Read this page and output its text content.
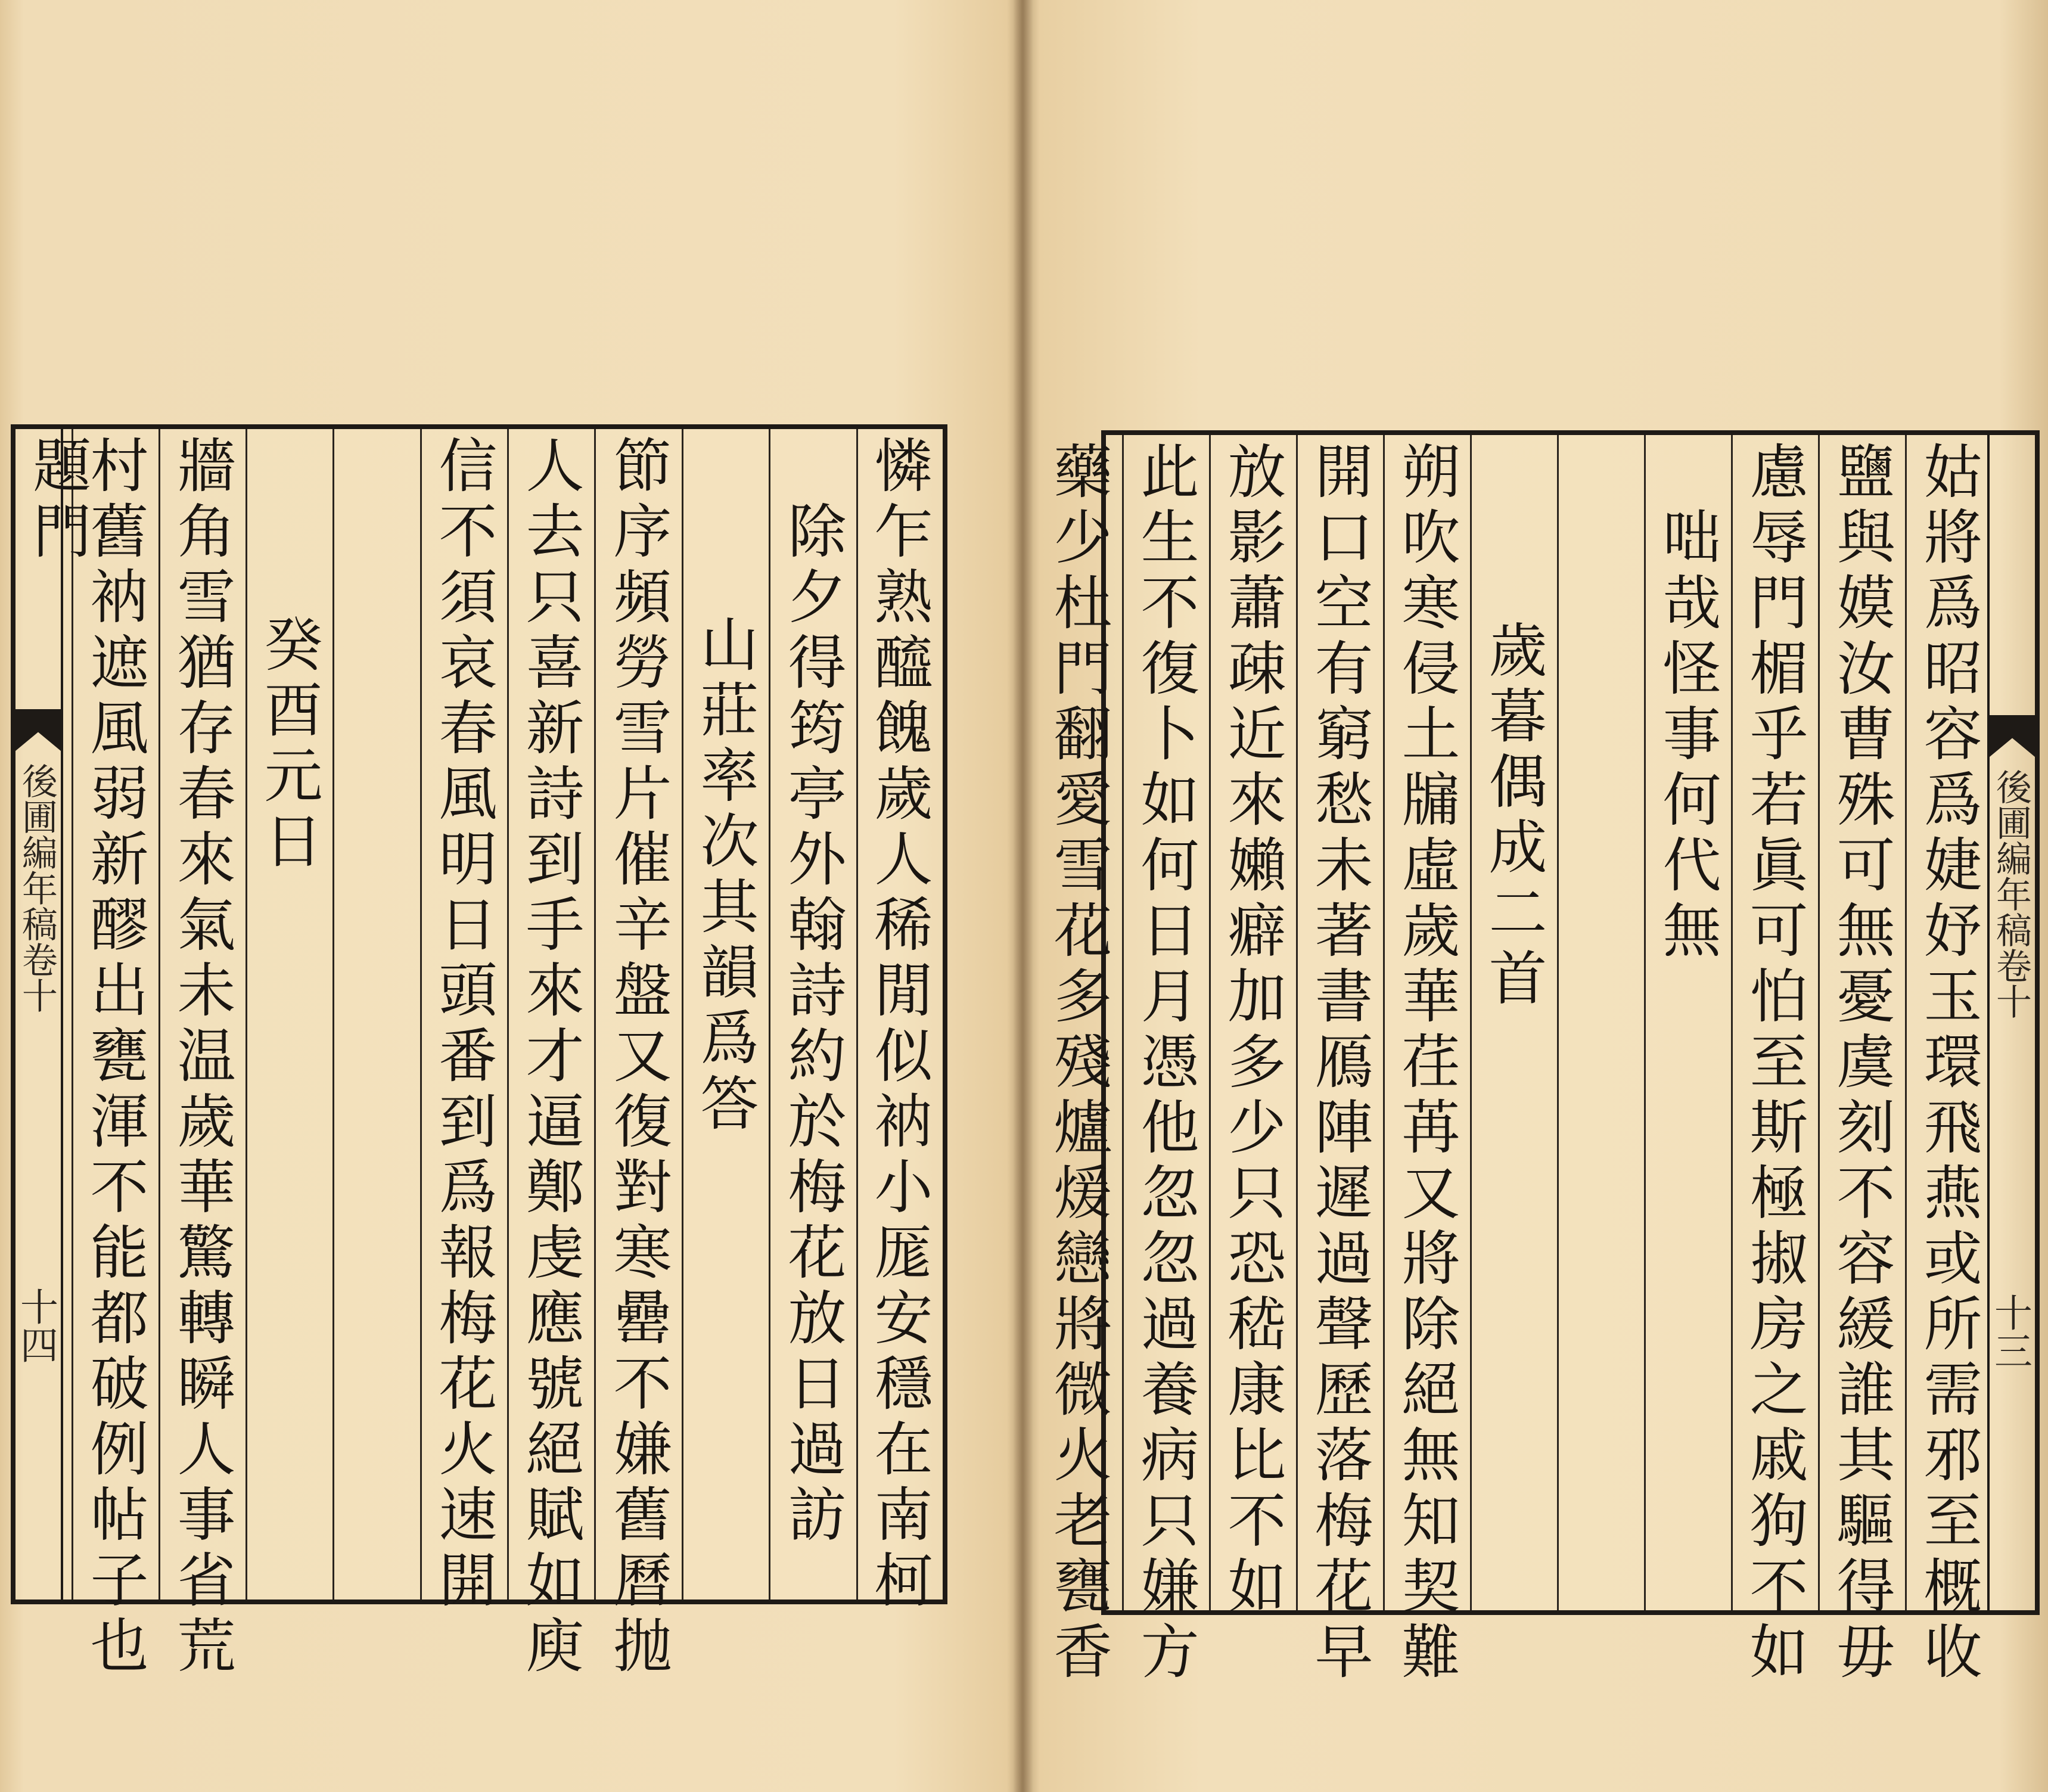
後圃編年稿卷十
十四	憐乍熟醯餽歲人稀閒似衲小厖安穩在南柯
除夕得筠亭外翰詩約於梅花放日過訪
山莊率次其韻爲答
節序頻勞雪片催辛盤又復對寒罍不嫌舊曆抛
人去只喜新詩到手來才逼鄭虔應號絕賦如庾
信不須哀春風明日頭番到爲報梅花火速開
癸酉元日
牆角雪猶存春來氣未温歲華驚轉瞬人事省荒
村舊衲遮風弱新醪出甕渾不能都破例帖子也
題門
後圃編年稿卷十
十三
姑將爲昭容爲婕妤玉環飛燕或所需邪至概收
鹽與嫫汝曹殊可無憂虞刻不容緩誰其驅得毋
慮辱門楣乎若眞可怕至斯極掓房之戚狗不如
咄哉怪事何代無
歲暮偶成二首
朔吹寒侵土牖虛歲華荏苒又將除絕無知契難
開口空有窮愁未著書鴈陣遲過聲歷落梅花早
放影蕭疎近來嬾癖加多少只恐嵇康比不如
此生不復卜如何日月憑他忽忽過養病只嫌方
藥少杜門翻愛雪花多殘爐煖戀將微火老甕香
